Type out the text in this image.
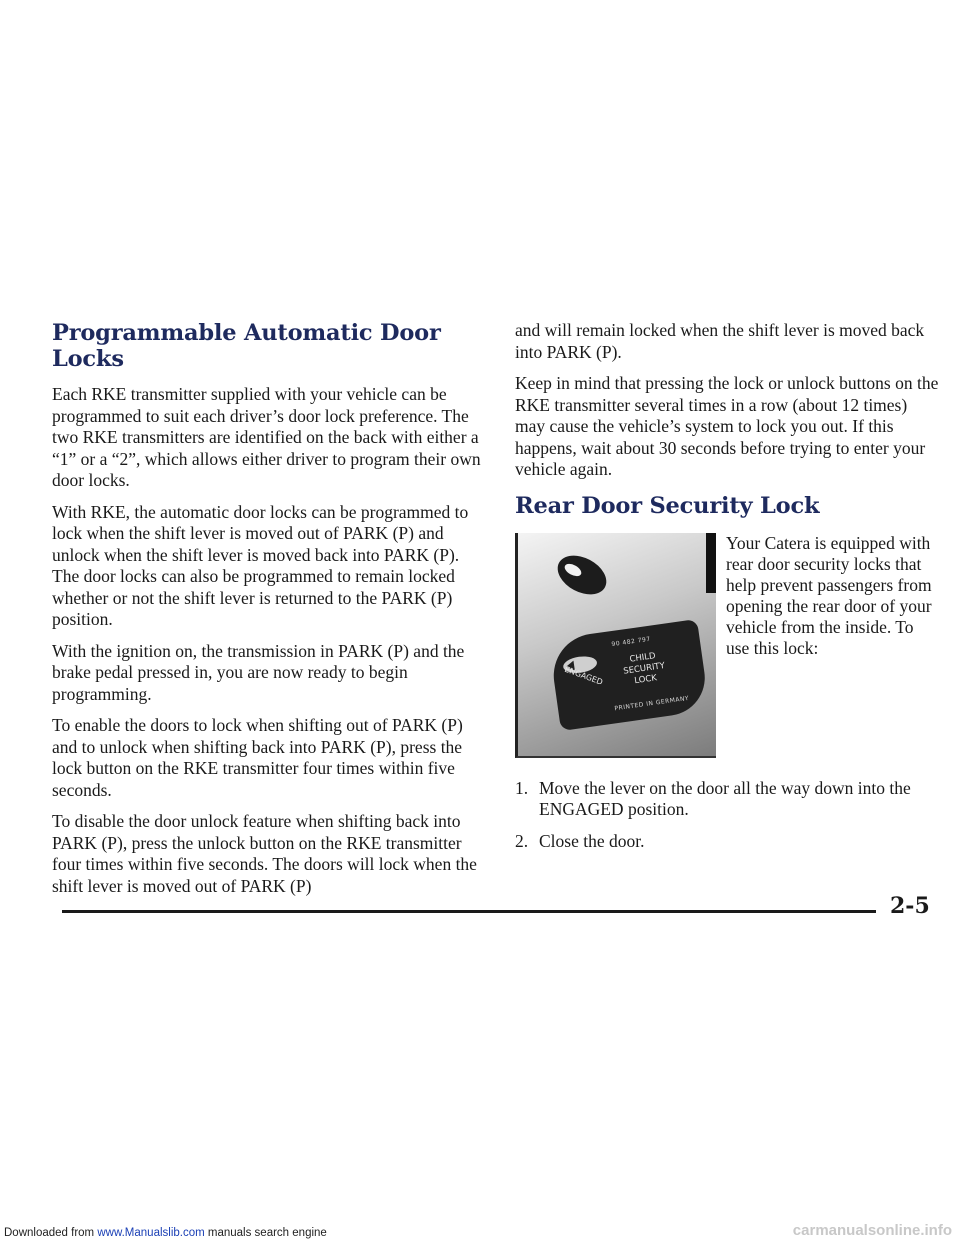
Programmable Automatic Door Locks

Each RKE transmitter supplied with your vehicle can be programmed to suit each driver’s door lock preference. The two RKE transmitters are identified on the back with either a “1” or a “2”, which allows either driver to program their own door locks.

With RKE, the automatic door locks can be programmed to lock when the shift lever is moved out of PARK (P) and unlock when the shift lever is moved back into PARK (P). The door locks can also be programmed to remain locked whether or not the shift lever is returned to the PARK (P) position.

With the ignition on, the transmission in PARK (P) and the brake pedal pressed in, you are now ready to begin programming.

To enable the doors to lock when shifting out of PARK (P) and to unlock when shifting back into PARK (P), press the lock button on the RKE transmitter four times within five seconds.

To disable the door unlock feature when shifting back into PARK (P), press the unlock button on the RKE transmitter four times within five seconds. The doors will lock when the shift lever is moved out of PARK (P)

and will remain locked when the shift lever is moved back into PARK (P).

Keep in mind that pressing the lock or unlock buttons on the RKE transmitter several times in a row (about 12 times) may cause the vehicle’s system to lock you out. If this happens, wait about 30 seconds before trying to enter your vehicle again.

Rear Door Security Lock
90 482 797
ENGAGED
CHILD
SECURITY
LOCK
PRINTED IN GERMANY

Your Catera is equipped with rear door security locks that help prevent passengers from opening the rear door of your vehicle from the inside. To use this lock:

1. Move the lever on the door all the way down into the ENGAGED position.
2. Close the door.
2-5
Downloaded from www.Manualslib.com manuals search engine	carmanualsonline.info
